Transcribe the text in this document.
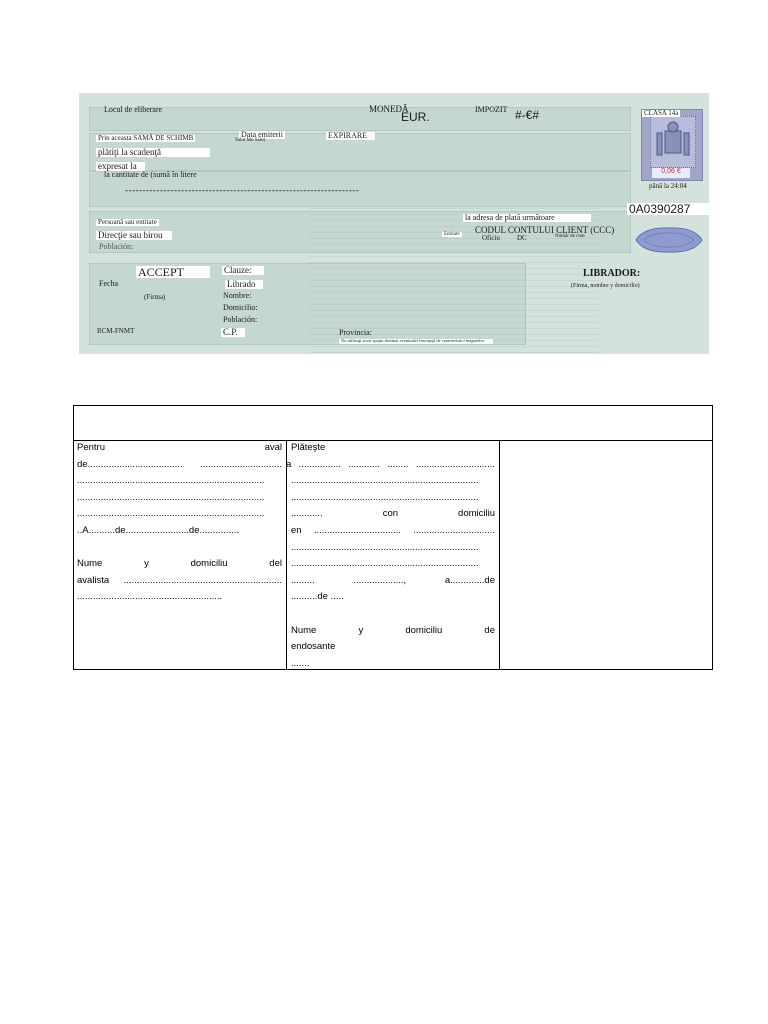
Locul de eliberare	MONEDĂ
EUR.
IMPOZIT #-€#
0,06 €
CLASA 14a
până la 24:04
0A0390287
Prin aceasta SAMĂ DE SCHIMB	Data emiterii
Salut Mo Salut
EXPIRARE
plătiţi la scadenţă
expresat la
la cantitate de (sumă în litere
-------------------------------------------------------------------
Persoană sau entitate
Direcţie sau birou
Población:
la adresa de plată următoare
CODUL CONTULUI CLIENT (CCC)
Entitate	Oficiu DC	Număr de cont
ACCEPT
Fecha
(Firma)
Clauze:
Librado
Nombre:
Domicilio:
Población:
C.P.	Provincia:
LIBRADOR:
(Firma, nombre y domicilio)
RCM-FNMT
Nu utilizaţi acest spaţiu destinat eventualei inscripţii de caracteristici magnetice
Pentru aval
de.................................... ...............................
.......................................................................
.......................................................................
.......................................................................
..A..........de........................de...............
Nume y domiciliu del
avalista ............................................................
.......................................................
Plăteşte
a ................ ............ ........ ..............................
.......................................................................
.......................................................................
............ con domiciliu
en ................................. ...............................
.......................................................................
.......................................................................
......... ..................., a.............de
..........de .....
Nume y domiciliu de
endosante
.......
